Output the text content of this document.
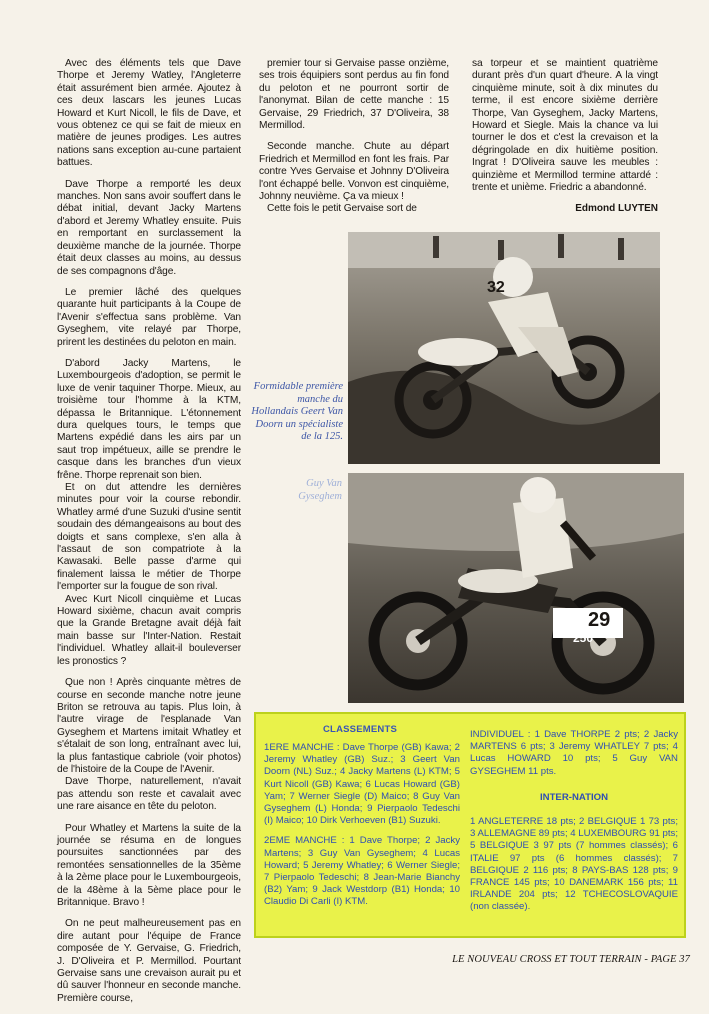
Avec des éléments tels que Dave Thorpe et Jeremy Watley, l'Angleterre était assurément bien armée. Ajoutez à ces deux lascars les jeunes Lucas Howard et Kurt Nicoll, le fils de Dave, et vous obtenez ce qui se fait de mieux en matière de jeunes prodiges. Les autres nations sans exception au-cune partaient battues.

Dave Thorpe a remporté les deux manches. Non sans avoir souffert dans le débat initial, devant Jacky Martens d'abord et Jeremy Whatley ensuite. Puis en remportant en surclassement la deuxième manche de la journée. Thorpe était deux classes au moins, au dessus de ses compagnons d'âge.

Le premier lâché des quelques quarante huit participants à la Coupe de l'Avenir s'effectua sans problème. Van Gyseghem, vite relayé par Thorpe, prirent les destinées du peloton en main.

D'abord Jacky Martens, le Luxembourgeois d'adoption, se permit le luxe de venir taquiner Thorpe. Mieux, au troisième tour l'homme à la KTM, dépassa le Britannique. L'étonnement dura quelques tours, le temps que Martens expédié dans les airs par un saut trop impétueux, aille se prendre le casque dans les branches d'un vieux frêne. Thorpe reprenait son bien.

Et on dut attendre les dernières minutes pour voir la course rebondir. Whatley armé d'une Suzuki d'usine sentit soudain des démangeaisons au bout des doigts et sans complexe, s'en alla à l'assaut de son compatriote à la Kawasaki. Belle passe d'arme qui finalement laissa le métier de Thorpe l'emporter sur la fougue de son rival.

Avec Kurt Nicoll cinquième et Lucas Howard sixième, chacun avait compris que la Grande Bretagne avait déjà fait main basse sur l'Inter-Nation. Restait l'individuel. Whatley allait-il bouleverser les pronostics ?

Que non ! Après cinquante mètres de course en seconde manche notre jeune Briton se retrouva au tapis. Plus loin, à l'autre virage de l'esplanade Van Gyseghem et Martens imitait Whatley et s'étalait de son long, entraînant avec lui, la plus fantastique cabriole (voir photos) de l'histoire de la Coupe de l'Avenir.

Dave Thorpe, naturellement, n'avait pas attendu son reste et cavalait avec une rare aisance en tête du peloton.

Pour Whatley et Martens la suite de la journée se résuma en de longues poursuites sanctionnées par des remontées sensationnelles de la 35ème à la 2ème place pour le Luxembourgeois, de la 48ème à la 5ème place pour le Britannique. Bravo !

On ne peut malheureusement pas en dire autant pour l'équipe de France composée de Y. Gervaise, G. Friedrich, J. D'Oliveira et P. Mermillod. Pourtant Gervaise sans une crevaison aurait pu et dû sauver l'honneur en seconde manche. Première course,

premier tour si Gervaise passe onzième, ses trois équipiers sont perdus au fin fond du peloton et ne pourront sortir de l'anonymat. Bilan de cette manche : 15 Gervaise, 29 Friedrich, 37 D'Oliveira, 38 Mermillod.

Seconde manche. Chute au départ Friedrich et Mermillod en font les frais. Par contre Yves Gervaise et Johnny D'Oliveira l'ont échappé belle. Vonvon est cinquième, Johnny neuvième. Ça va mieux !

Cette fois le petit Gervaise sort de

sa torpeur et se maintient quatrième durant près d'un quart d'heure. A la vingt cinquième minute, soit à dix minutes du terme, il est encore sixième derrière Thorpe, Van Gyseghem, Jacky Martens, Howard et Siegle. Mais la chance va lui tourner le dos et c'est la crevaison et la dégringolade en dix huitième position. Ingrat ! D'Oliveira sauve les meubles : quinzième et Mermillod termine attardé : trente et unième. Friedric a abandonné.

Edmond LUYTEN
32
Formidable première manche du Hollandais Geert Van Doorn un spécialiste de la 125.
250
29
Guy Van Gyseghem
CLASSEMENTS

1ERE MANCHE : Dave Thorpe (GB) Kawa; 2 Jeremy Whatley (GB) Suz.; 3 Geert Van Doorn (NL) Suz.; 4 Jacky Martens (L) KTM; 5 Kurt Nicoll (GB) Kawa; 6 Lucas Howard (GB) Yam; 7 Werner Siegle (D) Maico; 8 Guy Van Gyseghem (L) Honda; 9 Pierpaolo Tedeschi (I) Maico; 10 Dirk Verhoeven (B1) Suzuki.

2EME MANCHE : 1 Dave Thorpe; 2 Jacky Martens; 3 Guy Van Gyseghem; 4 Lucas Howard; 5 Jeremy Whatley; 6 Werner Siegle; 7 Pierpaolo Tedeschi; 8 Jean-Marie Bianchy (B2) Yam; 9 Jack Westdorp (B1) Honda; 10 Claudio Di Carli (I) KTM.

INDIVIDUEL : 1 Dave THORPE 2 pts; 2 Jacky MARTENS 6 pts; 3 Jeremy WHATLEY 7 pts; 4 Lucas HOWARD 10 pts; 5 Guy VAN GYSEGHEM 11 pts.

INTER-NATION

1 ANGLETERRE 18 pts; 2 BELGIQUE 1 73 pts; 3 ALLEMAGNE 89 pts; 4 LUXEMBOURG 91 pts; 5 BELGIQUE 3 97 pts (7 hommes classés); 6 ITALIE 97 pts (6 hommes classés); 7 BELGIQUE 2 116 pts; 8 PAYS-BAS 128 pts; 9 FRANCE 145 pts; 10 DANEMARK 156 pts; 11 IRLANDE 204 pts; 12 TCHECOSLOVAQUIE (non classée).

LE NOUVEAU CROSS ET TOUT TERRAIN - PAGE 37
